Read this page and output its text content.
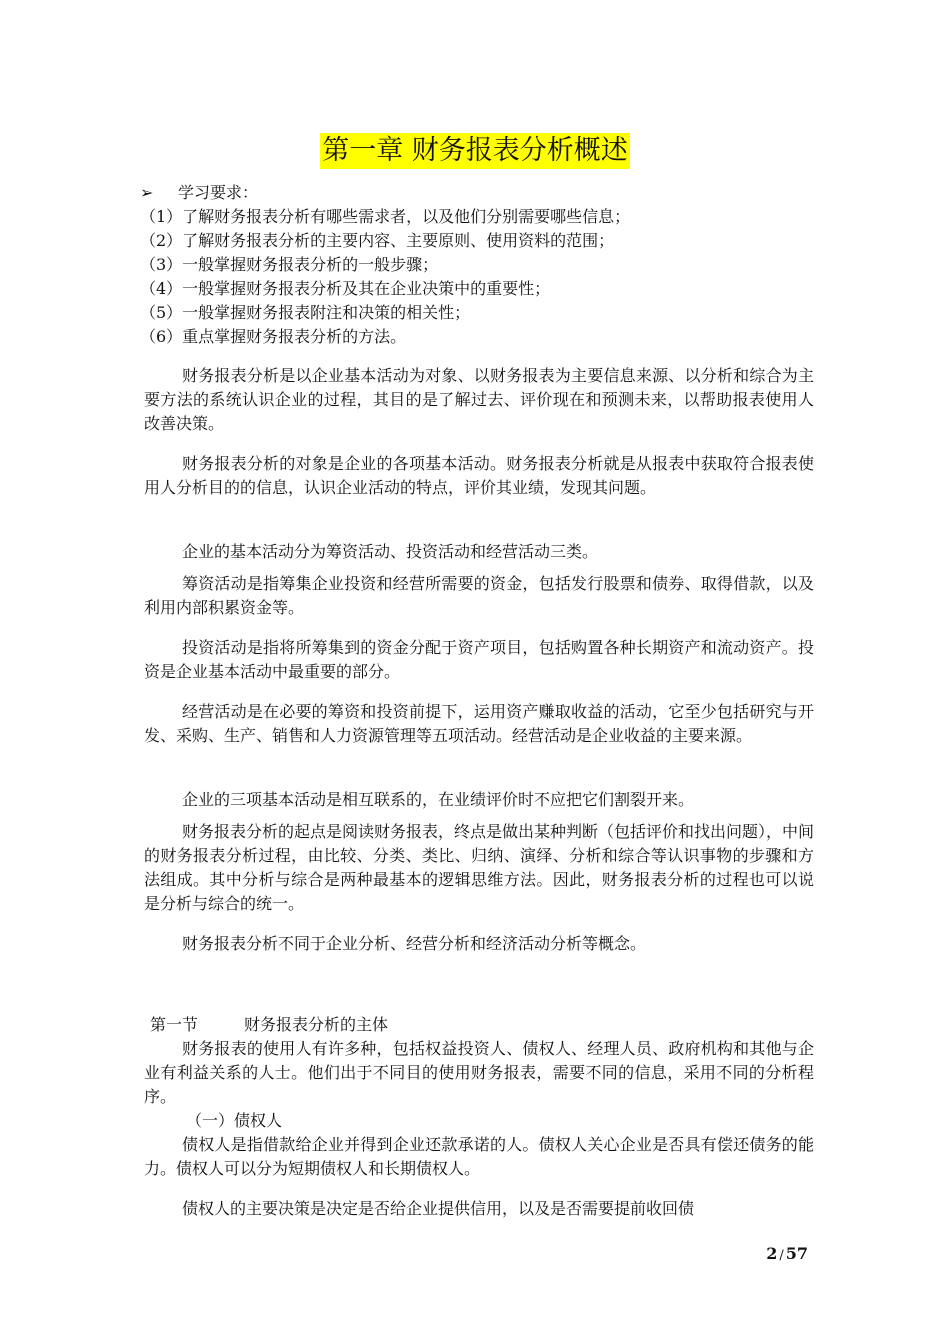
第一章 财务报表分析概述
➢ 学习要求：
（1）了解财务报表分析有哪些需求者，以及他们分别需要哪些信息；
（2）了解财务报表分析的主要内容、主要原则、使用资料的范围；
（3）一般掌握财务报表分析的一般步骤；
（4）一般掌握财务报表分析及其在企业决策中的重要性；
（5）一般掌握财务报表附注和决策的相关性；
（6）重点掌握财务报表分析的方法。

财务报表分析是以企业基本活动为对象、以财务报表为主要信息来源、以分析和综合为主要方法的系统认识企业的过程，其目的是了解过去、评价现在和预测未来，以帮助报表使用人改善决策。

财务报表分析的对象是企业的各项基本活动。财务报表分析就是从报表中获取符合报表使用人分析目的的信息，认识企业活动的特点，评价其业绩，发现其问题。

企业的基本活动分为筹资活动、投资活动和经营活动三类。

筹资活动是指筹集企业投资和经营所需要的资金，包括发行股票和债券、取得借款，以及利用内部积累资金等。

投资活动是指将所筹集到的资金分配于资产项目，包括购置各种长期资产和流动资产。投资是企业基本活动中最重要的部分。

经营活动是在必要的筹资和投资前提下，运用资产赚取收益的活动，它至少包括研究与开发、采购、生产、销售和人力资源管理等五项活动。经营活动是企业收益的主要来源。

企业的三项基本活动是相互联系的，在业绩评价时不应把它们割裂开来。

财务报表分析的起点是阅读财务报表，终点是做出某种判断（包括评价和找出问题），中间的财务报表分析过程，由比较、分类、类比、归纳、演绎、分析和综合等认识事物的步骤和方法组成。其中分析与综合是两种最基本的逻辑思维方法。因此，财务报表分析的过程也可以说是分析与综合的统一。

财务报表分析不同于企业分析、经营分析和经济活动分析等概念。

第一节	财务报表分析的主体

财务报表的使用人有许多种，包括权益投资人、债权人、经理人员、政府机构和其他与企业有利益关系的人士。他们出于不同目的使用财务报表，需要不同的信息，采用不同的分析程序。

（一）债权人

债权人是指借款给企业并得到企业还款承诺的人。债权人关心企业是否具有偿还债务的能力。债权人可以分为短期债权人和长期债权人。

债权人的主要决策是决定是否给企业提供信用，以及是否需要提前收回债

2 / 57
